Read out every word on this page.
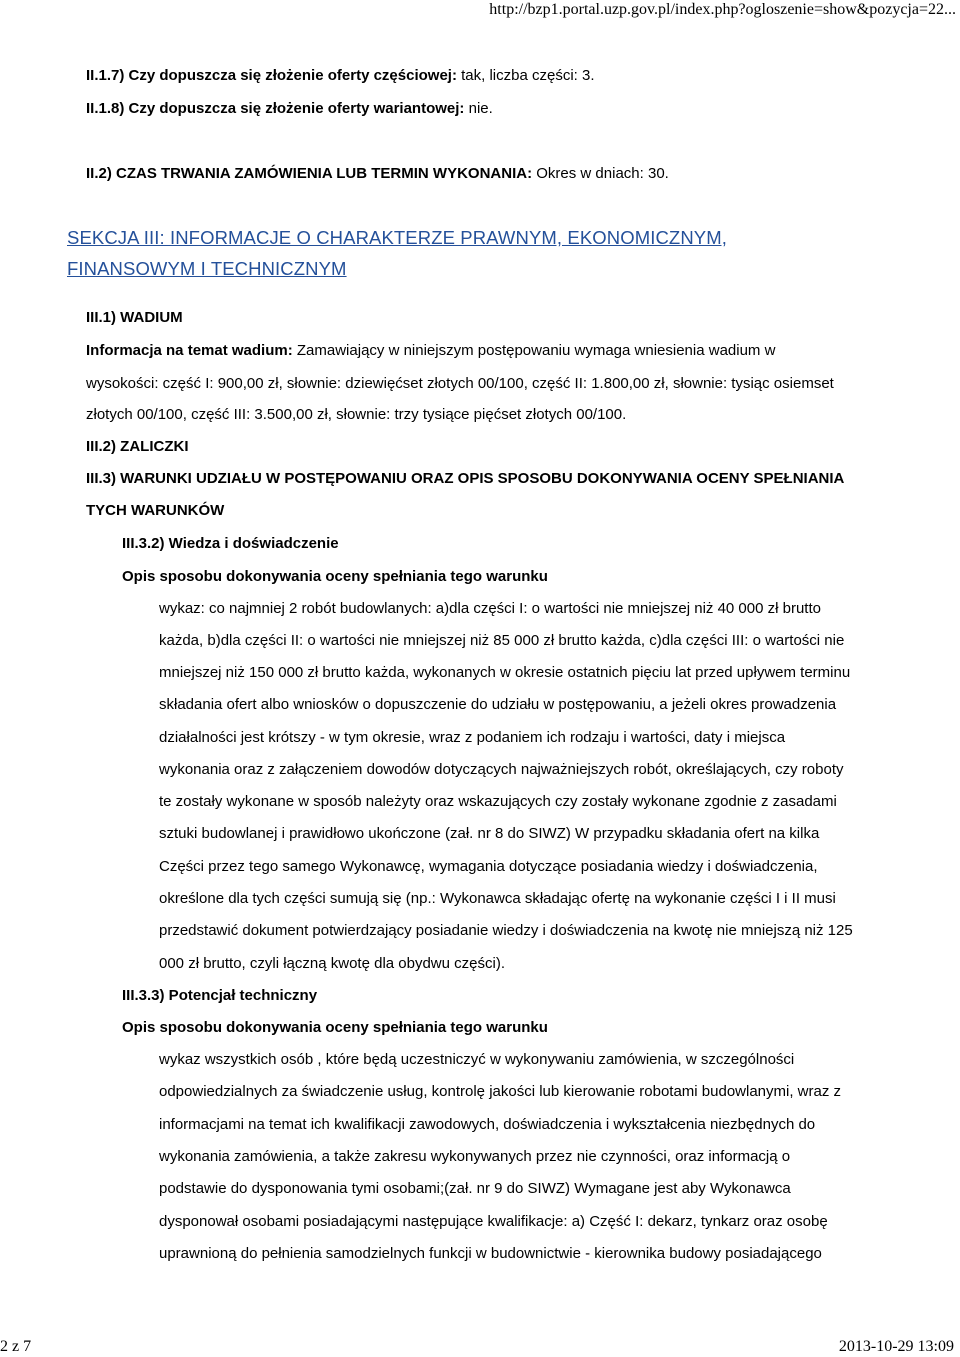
http://bzp1.portal.uzp.gov.pl/index.php?ogloszenie=show&pozycja=22...
II.1.7) Czy dopuszcza się złożenie oferty częściowej: tak, liczba części: 3.
II.1.8) Czy dopuszcza się złożenie oferty wariantowej: nie.
II.2) CZAS TRWANIA ZAMÓWIENIA LUB TERMIN WYKONANIA: Okres w dniach: 30.
SEKCJA III: INFORMACJE O CHARAKTERZE PRAWNYM, EKONOMICZNYM,
FINANSOWYM I TECHNICZNYM
III.1) WADIUM
Informacja na temat wadium: Zamawiający w niniejszym postępowaniu wymaga wniesienia wadium w
wysokości: część I: 900,00 zł, słownie: dziewięćset złotych 00/100, część II: 1.800,00 zł, słownie: tysiąc osiemset
złotych 00/100, część III: 3.500,00 zł, słownie: trzy tysiące pięćset złotych 00/100.
III.2) ZALICZKI
III.3) WARUNKI UDZIAŁU W POSTĘPOWANIU ORAZ OPIS SPOSOBU DOKONYWANIA OCENY SPEŁNIANIA
TYCH WARUNKÓW
III.3.2) Wiedza i doświadczenie
Opis sposobu dokonywania oceny spełniania tego warunku
wykaz: co najmniej 2 robót budowlanych: a)dla części I: o wartości nie mniejszej niż 40 000 zł brutto
każda, b)dla części II: o wartości nie mniejszej niż 85 000 zł brutto każda, c)dla części III: o wartości nie
mniejszej niż 150 000 zł brutto każda, wykonanych w okresie ostatnich pięciu lat przed upływem terminu
składania ofert albo wniosków o dopuszczenie do udziału w postępowaniu, a jeżeli okres prowadzenia
działalności jest krótszy - w tym okresie, wraz z podaniem ich rodzaju i wartości, daty i miejsca
wykonania oraz z załączeniem dowodów dotyczących najważniejszych robót, określających, czy roboty
te zostały wykonane w sposób należyty oraz wskazujących czy zostały wykonane zgodnie z zasadami
sztuki budowlanej i prawidłowo ukończone (zał. nr 8 do SIWZ) W przypadku składania ofert na kilka
Części przez tego samego Wykonawcę, wymagania dotyczące posiadania wiedzy i doświadczenia,
określone dla tych części sumują się (np.: Wykonawca składając ofertę na wykonanie części I i II musi
przedstawić dokument potwierdzający posiadanie wiedzy i doświadczenia na kwotę nie mniejszą niż 125
000 zł brutto, czyli łączną kwotę dla obydwu części).
III.3.3) Potencjał techniczny
Opis sposobu dokonywania oceny spełniania tego warunku
wykaz wszystkich osób , które będą uczestniczyć w wykonywaniu zamówienia, w szczególności
odpowiedzialnych za świadczenie usług, kontrolę jakości lub kierowanie robotami budowlanymi, wraz z
informacjami na temat ich kwalifikacji zawodowych, doświadczenia i wykształcenia niezbędnych do
wykonania zamówienia, a także zakresu wykonywanych przez nie czynności, oraz informacją o
podstawie do dysponowania tymi osobami;(zał. nr 9 do SIWZ) Wymagane jest aby Wykonawca
dysponował osobami posiadającymi następujące kwalifikacje: a) Część I: dekarz, tynkarz oraz osobę
uprawnioną do pełnienia samodzielnych funkcji w budownictwie - kierownika budowy posiadającego
2 z 7	2013-10-29 13:09
